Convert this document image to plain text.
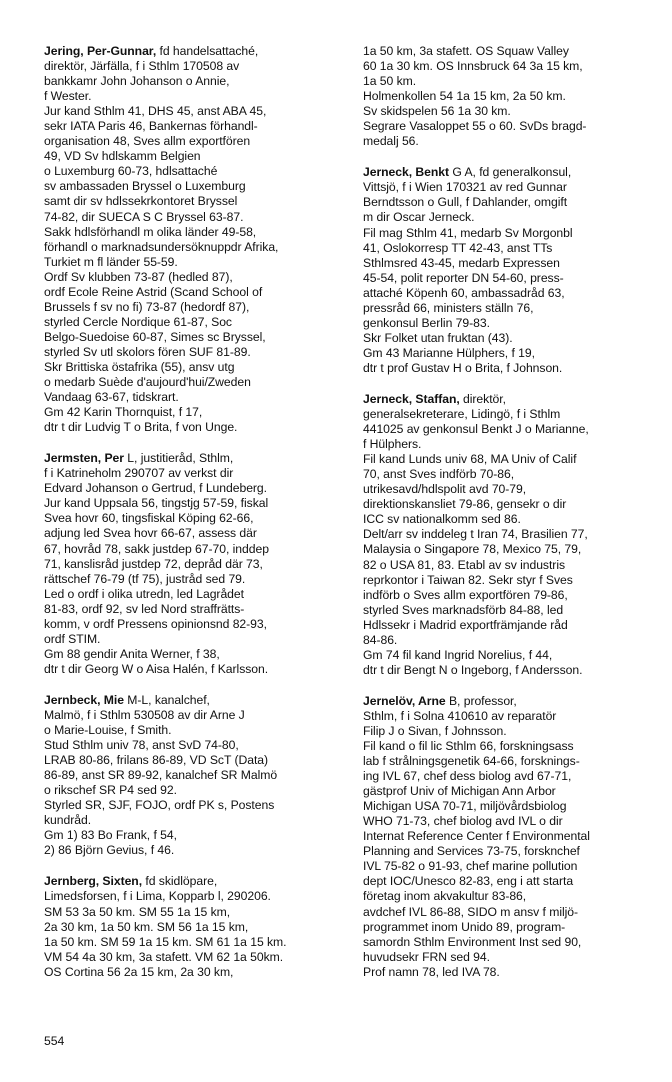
Jering, Per-Gunnar, fd handelsattaché,
direktör, Järfälla, f i Sthlm 170508 av
bankkamr John Johanson o Annie,
f Wester.
Jur kand Sthlm 41, DHS 45, anst ABA 45,
sekr IATA Paris 46, Bankernas förhandl-
organisation 48, Sves allm exportfören
49, VD Sv hdlskamm Belgien
o Luxemburg 60-73, hdlsattaché
sv ambassaden Bryssel o Luxemburg
samt dir sv hdlssekrkontoret Bryssel
74-82, dir SUECA S C Bryssel 63-87.
Sakk hdlsförhandl m olika länder 49-58,
förhandl o marknadsundersöknuppdr Afrika,
Turkiet m fl länder 55-59.
Ordf Sv klubben 73-87 (hedled 87),
ordf Ecole Reine Astrid (Scand School of
Brussels f sv no fi) 73-87 (hedordf 87),
styrled Cercle Nordique 61-87, Soc
Belgo-Suedoise 60-87, Simes sc Bryssel,
styrled Sv utl skolors fören SUF 81-89.
Skr Brittiska östafrika (55), ansv utg
o medarb Suède d'aujourd'hui/Zweden
Vandaag 63-67, tidskrart.
Gm 42 Karin Thornquist, f 17,
dtr t dir Ludvig T o Brita, f von Unge.
Jermsten, Per L, justitieråd, Sthlm,
f i Katrineholm 290707 av verkst dir
Edvard Johanson o Gertrud, f Lundeberg.
Jur kand Uppsala 56, tingstjg 57-59, fiskal
Svea hovr 60, tingsfiskal Köping 62-66,
adjung led Svea hovr 66-67, assess där
67, hovråd 78, sakk justdep 67-70, inddep
71, kanslisråd justdep 72, depråd där 73,
rättschef 76-79 (tf 75), justråd sed 79.
Led o ordf i olika utredn, led Lagrådet
81-83, ordf 92, sv led Nord straffrätts-
komm, v ordf Pressens opinionsnd 82-93,
ordf STIM.
Gm 88 gendir Anita Werner, f 38,
dtr t dir Georg W o Aisa Halén, f Karlsson.
Jernbeck, Mie M-L, kanalchef,
Malmö, f i Sthlm 530508 av dir Arne J
o Marie-Louise, f Smith.
Stud Sthlm univ 78, anst SvD 74-80,
LRAB 80-86, frilans 86-89, VD ScT (Data)
86-89, anst SR 89-92, kanalchef SR Malmö
o rikschef SR P4 sed 92.
Styrled SR, SJF, FOJO, ordf PK s, Postens
kundråd.
Gm 1) 83 Bo Frank, f 54,
2) 86 Björn Gevius, f 46.
Jernberg, Sixten, fd skidlöpare,
Limedsforsen, f i Lima, Kopparb l, 290206.
SM 53 3a 50 km. SM 55 1a 15 km,
2a 30 km, 1a 50 km. SM 56 1a 15 km,
1a 50 km. SM 59 1a 15 km. SM 61 1a 15 km.
VM 54 4a 30 km, 3a stafett. VM 62 1a 50km.
OS Cortina 56 2a 15 km, 2a 30 km,
1a 50 km, 3a stafett. OS Squaw Valley
60 1a 30 km. OS Innsbruck 64 3a 15 km,
1a 50 km.
Holmenkollen 54 1a 15 km, 2a 50 km.
Sv skidspelen 56 1a 30 km.
Segrare Vasaloppet 55 o 60. SvDs bragd-
medalj 56.
Jerneck, Benkt G A, fd generalkonsul,
Vittsjö, f i Wien 170321 av red Gunnar
Berndtsson o Gull, f Dahlander, omgift
m dir Oscar Jerneck.
Fil mag Sthlm 41, medarb Sv Morgonbl
41, Oslokorresp TT 42-43, anst TTs
Sthlmsred 43-45, medarb Expressen
45-54, polit reporter DN 54-60, press-
attaché Köpenh 60, ambassadråd 63,
pressråd 66, ministers ställn 76,
genkonsul Berlin 79-83.
Skr Folket utan fruktan (43).
Gm 43 Marianne Hülphers, f 19,
dtr t prof Gustav H o Brita, f Johnson.
Jerneck, Staffan, direktör,
generalsekreterare, Lidingö, f i Sthlm
441025 av genkonsul Benkt J o Marianne,
f Hülphers.
Fil kand Lunds univ 68, MA Univ of Calif
70, anst Sves indförb 70-86,
utrikesavd/hdlspolit avd 70-79,
direktionskansliet 79-86, gensekr o dir
ICC sv nationalkomm sed 86.
Delt/arr sv inddeleg t Iran 74, Brasilien 77,
Malaysia o Singapore 78, Mexico 75, 79,
82 o USA 81, 83. Etabl av sv industris
reprkontor i Taiwan 82. Sekr styr f Sves
indförb o Sves allm exportfören 79-86,
styrled Sves marknadsförb 84-88, led
Hdlssekr i Madrid exportfrämjande råd
84-86.
Gm 74 fil kand Ingrid Norelius, f 44,
dtr t dir Bengt N o Ingeborg, f Andersson.
Jernelöv, Arne B, professor,
Sthlm, f i Solna 410610 av reparatör
Filip J o Sivan, f Johnsson.
Fil kand o fil lic Sthlm 66, forskningsass
lab f strålningsgenetik 64-66, forsknings-
ing IVL 67, chef dess biolog avd 67-71,
gästprof Univ of Michigan Ann Arbor
Michigan USA 70-71, miljövårdsbiolog
WHO 71-73, chef biolog avd IVL o dir
Internat Reference Center f Environmental
Planning and Services 73-75, forsknchef
IVL 75-82 o 91-93, chef marine pollution
dept IOC/Unesco 82-83, eng i att starta
företag inom akvakultur 83-86,
avdchef IVL 86-88, SIDO m ansv f miljö-
programmet inom Unido 89, program-
samordn Sthlm Environment Inst sed 90,
huvudsekr FRN sed 94.
Prof namn 78, led IVA 78.
554
